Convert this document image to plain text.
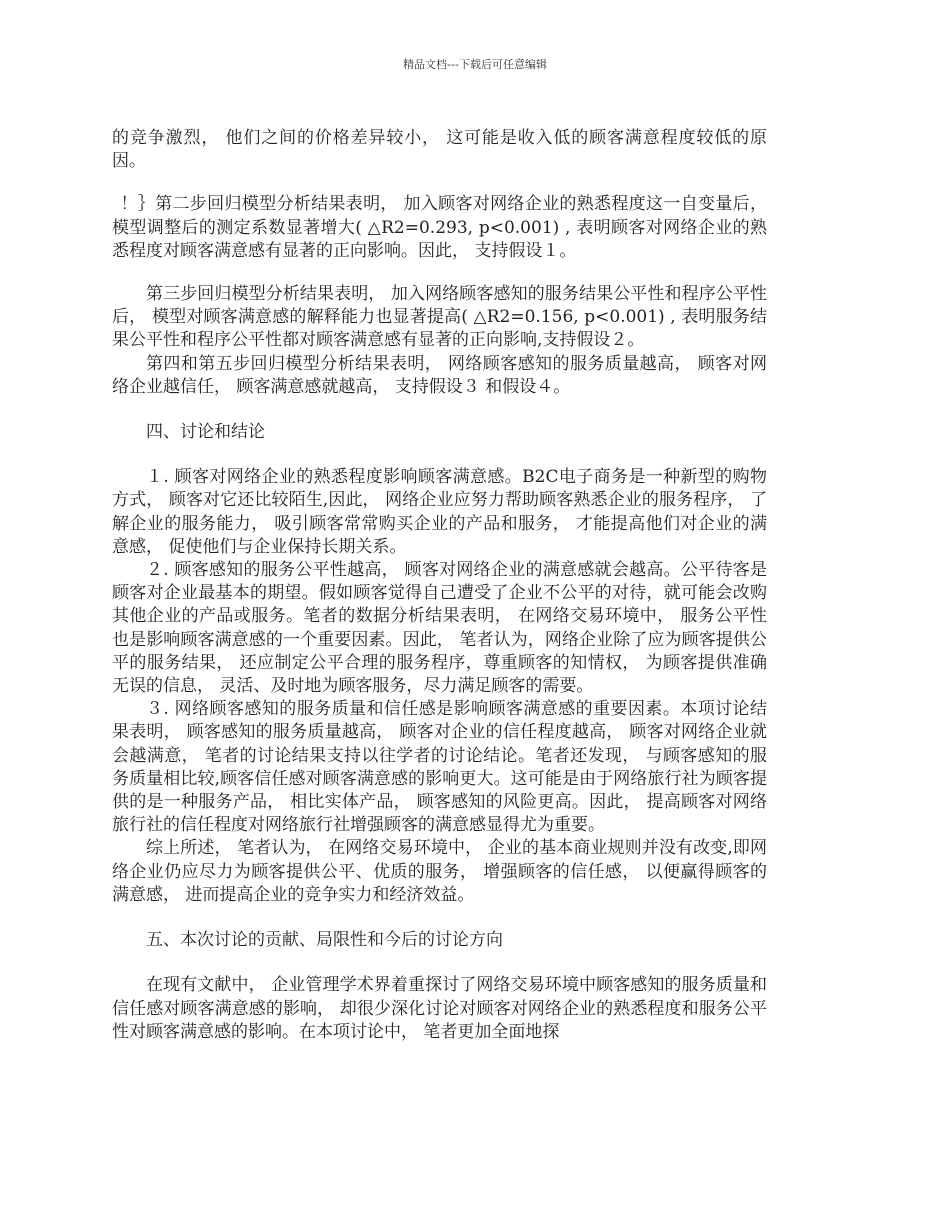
精品文档---下载后可任意编辑

的竞争激烈， 他们之间的价格差异较小， 这可能是收入低的顾客满意程度较低的原因。

！｝第二步回归模型分析结果表明， 加入顾客对网络企业的熟悉程度这一自变量后， 模型调整后的测定系数显著增大( △R2=0.293, p<0.001) , 表明顾客对网络企业的熟悉程度对顾客满意感有显著的正向影响。因此， 支持假设１。

第三步回归模型分析结果表明， 加入网络顾客感知的服务结果公平性和程序公平性后， 模型对顾客满意感的解释能力也显著提高( △R2=0.156, p<0.001) , 表明服务结果公平性和程序公平性都对顾客满意感有显著的正向影响,支持假设２。

第四和第五步回归模型分析结果表明， 网络顾客感知的服务质量越高， 顾客对网络企业越信任， 顾客满意感就越高， 支持假设３ 和假设４。

四、讨论和结论

１. 顾客对网络企业的熟悉程度影响顾客满意感。B2C电子商务是一种新型的购物方式， 顾客对它还比较陌生,因此， 网络企业应努力帮助顾客熟悉企业的服务程序， 了解企业的服务能力， 吸引顾客常常购买企业的产品和服务， 才能提高他们对企业的满意感， 促使他们与企业保持长期关系。

２. 顾客感知的服务公平性越高， 顾客对网络企业的满意感就会越高。公平待客是顾客对企业最基本的期望。假如顾客觉得自己遭受了企业不公平的对待，就可能会改购其他企业的产品或服务。笔者的数据分析结果表明， 在网络交易环境中， 服务公平性也是影响顾客满意感的一个重要因素。因此， 笔者认为，网络企业除了应为顾客提供公平的服务结果， 还应制定公平合理的服务程序，尊重顾客的知情权， 为顾客提供准确无误的信息， 灵活、及时地为顾客服务，尽力满足顾客的需要。

３. 网络顾客感知的服务质量和信任感是影响顾客满意感的重要因素。本项讨论结果表明， 顾客感知的服务质量越高， 顾客对企业的信任程度越高， 顾客对网络企业就会越满意， 笔者的讨论结果支持以往学者的讨论结论。笔者还发现， 与顾客感知的服务质量相比较,顾客信任感对顾客满意感的影响更大。这可能是由于网络旅行社为顾客提供的是一种服务产品， 相比实体产品， 顾客感知的风险更高。因此， 提高顾客对网络旅行社的信任程度对网络旅行社增强顾客的满意感显得尤为重要。

综上所述， 笔者认为， 在网络交易环境中， 企业的基本商业规则并没有改变,即网络企业仍应尽力为顾客提供公平、优质的服务， 增强顾客的信任感， 以便赢得顾客的满意感， 进而提高企业的竞争实力和经济效益。

五、本次讨论的贡献、局限性和今后的讨论方向

在现有文献中， 企业管理学术界着重探讨了网络交易环境中顾客感知的服务质量和信任感对顾客满意感的影响， 却很少深化讨论对顾客对网络企业的熟悉程度和服务公平性对顾客满意感的影响。在本项讨论中， 笔者更加全面地探
